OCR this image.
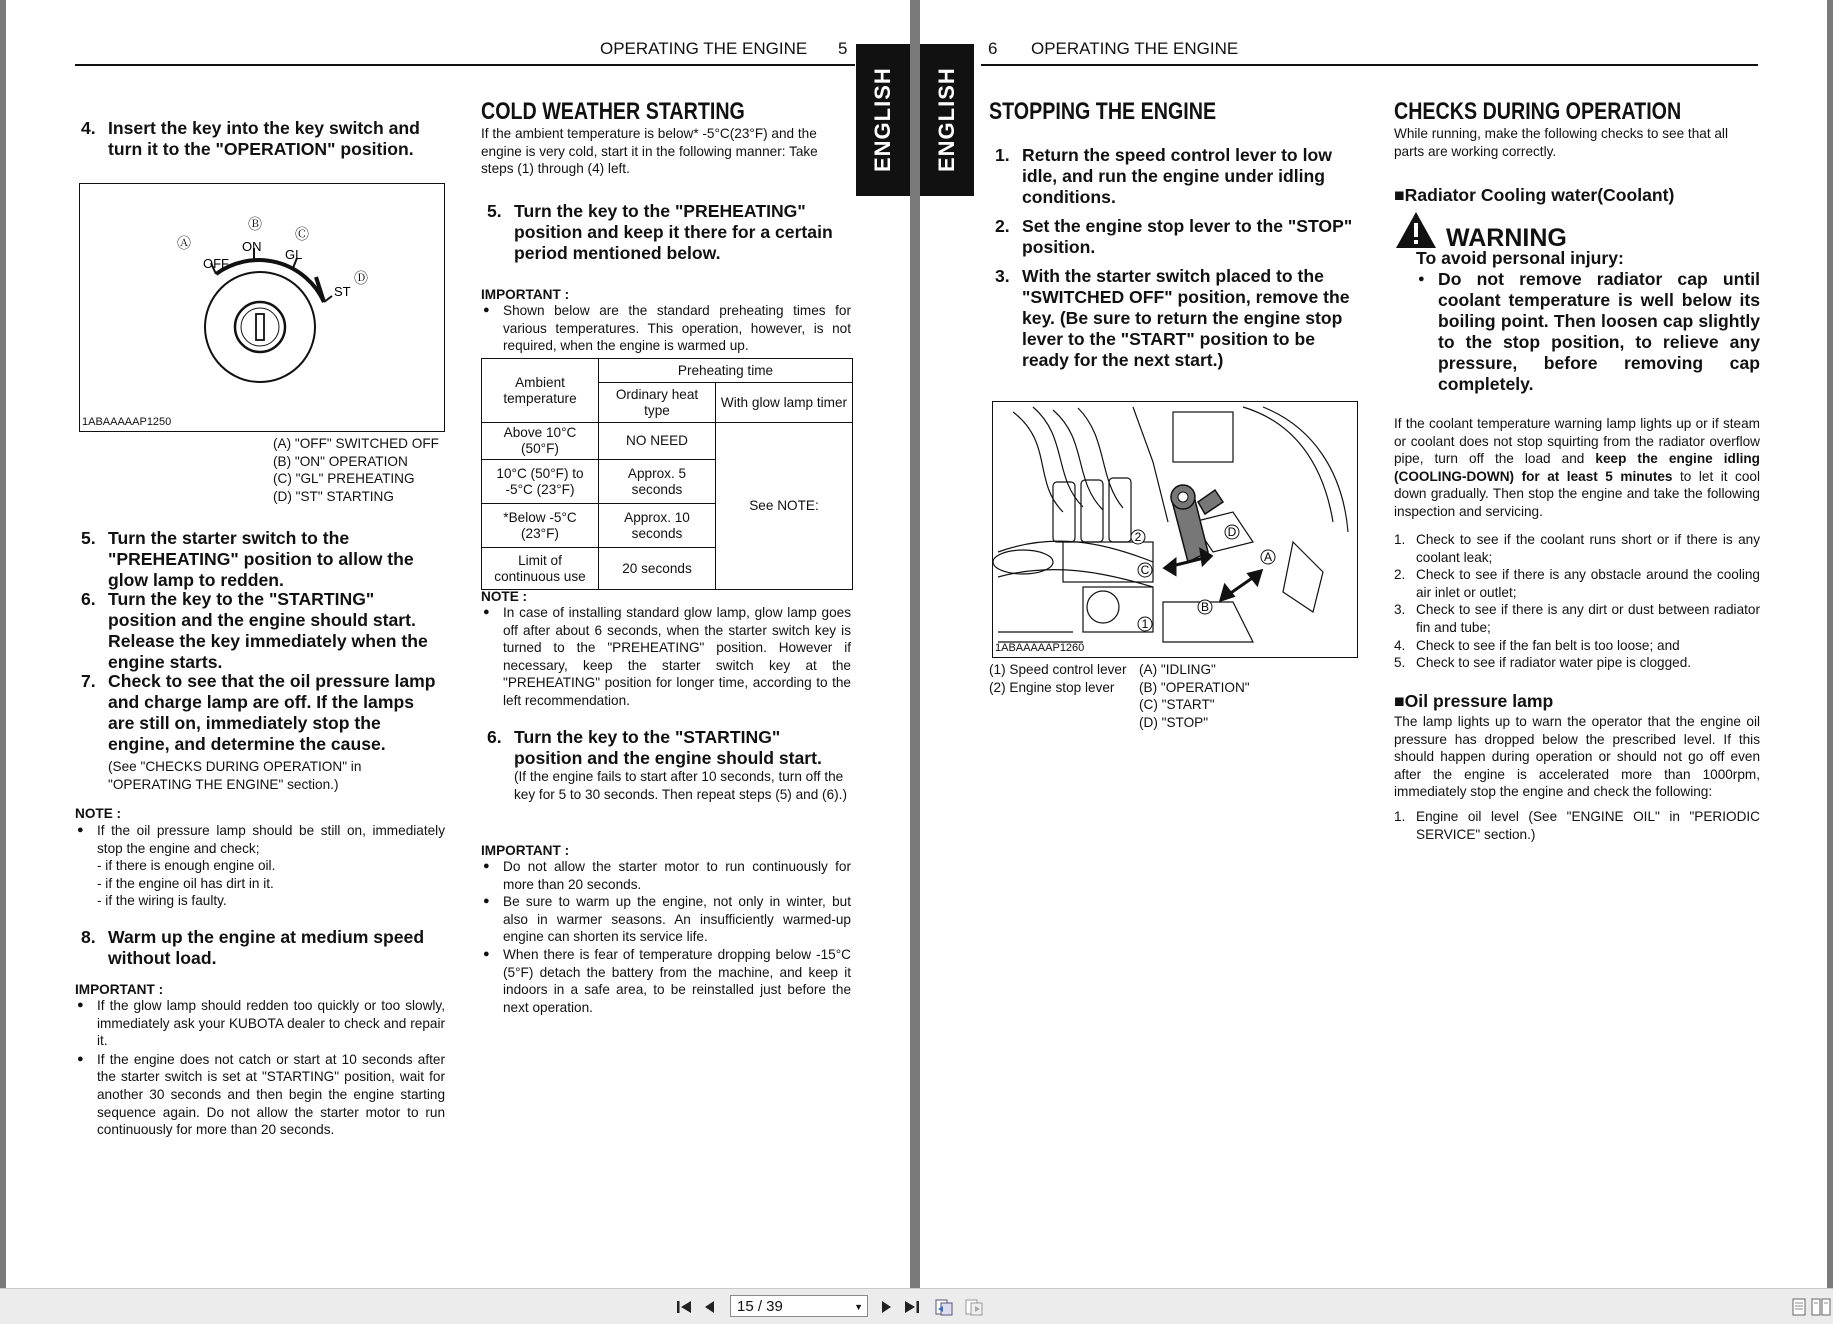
OPERATING THE ENGINE 5
ENGLISH
4. Insert the key into the key switch and turn it to the "OPERATION" position.
Ⓐ
Ⓑ
Ⓒ
Ⓓ
OFF
ON
GL
ST
1ABAAAAAP1250
(A) "OFF" SWITCHED OFF
(B) "ON" OPERATION
(C) "GL" PREHEATING
(D) "ST" STARTING
5. Turn the starter switch to the "PREHEATING" position to allow the glow lamp to redden.
6. Turn the key to the "STARTING" position and the engine should start. Release the key immediately when the engine starts.
7. Check to see that the oil pressure lamp and charge lamp are off. If the lamps are still on, immediately stop the engine, and determine the cause.
(See "CHECKS DURING OPERATION" in "OPERATING THE ENGINE" section.)
NOTE :
● If the oil pressure lamp should be still on, immediately stop the engine and check;
- if there is enough engine oil.
- if the engine oil has dirt in it.
- if the wiring is faulty.
8. Warm up the engine at medium speed without load.
IMPORTANT :
● If the glow lamp should redden too quickly or too slowly, immediately ask your KUBOTA dealer to check and repair it.
● If the engine does not catch or start at 10 seconds after the starter switch is set at "STARTING" position, wait for another 30 seconds and then begin the engine starting sequence again. Do not allow the starter motor to run continuously for more than 20 seconds.
COLD WEATHER STARTING
If the ambient temperature is below* -5°C(23°F) and the engine is very cold, start it in the following manner: Take steps (1) through (4) left.
5. Turn the key to the "PREHEATING" position and keep it there for a certain period mentioned below.
IMPORTANT :
● Shown below are the standard preheating times for various temperatures. This operation, however, is not required, when the engine is warmed up.
Ambient temperature	Preheating time	
	Ordinary heat type	With glow lamp timer
Above 10°C (50°F)	NO NEED	See NOTE:
10°C (50°F) to -5°C (23°F)	Approx. 5 seconds	
*Below -5°C (23°F)	Approx. 10 seconds	
Limit of continuous use	20 seconds	
NOTE :
● In case of installing standard glow lamp, glow lamp goes off after about 6 seconds, when the starter switch key is turned to the "PREHEATING" position. However if necessary, keep the starter switch key at the "PREHEATING" position for longer time, according to the left recommendation.
6. Turn the key to the "STARTING" position and the engine should start.
(If the engine fails to start after 10 seconds, turn off the key for 5 to 30 seconds. Then repeat steps (5) and (6).)
IMPORTANT :
● Do not allow the starter motor to run continuously for more than 20 seconds.
● Be sure to warm up the engine, not only in winter, but also in warmer seasons. An insufficiently warmed-up engine can shorten its service life.
● When there is fear of temperature dropping below -15°C (5°F) detach the battery from the machine, and keep it indoors in a safe area, to be reinstalled just before the next operation.
ENGLISH
6 OPERATING THE ENGINE
STOPPING THE ENGINE
1. Return the speed control lever to low idle, and run the engine under idling conditions.
2. Set the engine stop lever to the "STOP" position.
3. With the starter switch placed to the "SWITCHED OFF" position, remove the key. (Be sure to return the engine stop lever to the "START" position to be ready for the next start.)
2
C
D
A
B
1
1ABAAAAAP1260
(1) Speed control lever
(2) Engine stop lever
(A) "IDLING"
(B) "OPERATION"
(C) "START"
(D) "STOP"
CHECKS DURING OPERATION
While running, make the following checks to see that all parts are working correctly.
■Radiator Cooling water(Coolant)
WARNING
To avoid personal injury:
● Do not remove radiator cap until coolant temperature is well below its boiling point. Then loosen cap slightly to the stop position, to relieve any pressure, before removing cap completely.
If the coolant temperature warning lamp lights up or if steam or coolant does not stop squirting from the radiator overflow pipe, turn off the load and keep the engine idling (COOLING-DOWN) for at least 5 minutes to let it cool down gradually. Then stop the engine and take the following inspection and servicing.
1. Check to see if the coolant runs short or if there is any coolant leak;
2. Check to see if there is any obstacle around the cooling air inlet or outlet;
3. Check to see if there is any dirt or dust between radiator fin and tube;
4. Check to see if the fan belt is too loose; and
5. Check to see if radiator water pipe is clogged.
■Oil pressure lamp
The lamp lights up to warn the operator that the engine oil pressure has dropped below the prescribed level. If this should happen during operation or should not go off even after the engine is accelerated more than 1000rpm, immediately stop the engine and check the following:
1. Engine oil level (See "ENGINE OIL" in "PERIODIC SERVICE" section.)
15 / 39	▼
